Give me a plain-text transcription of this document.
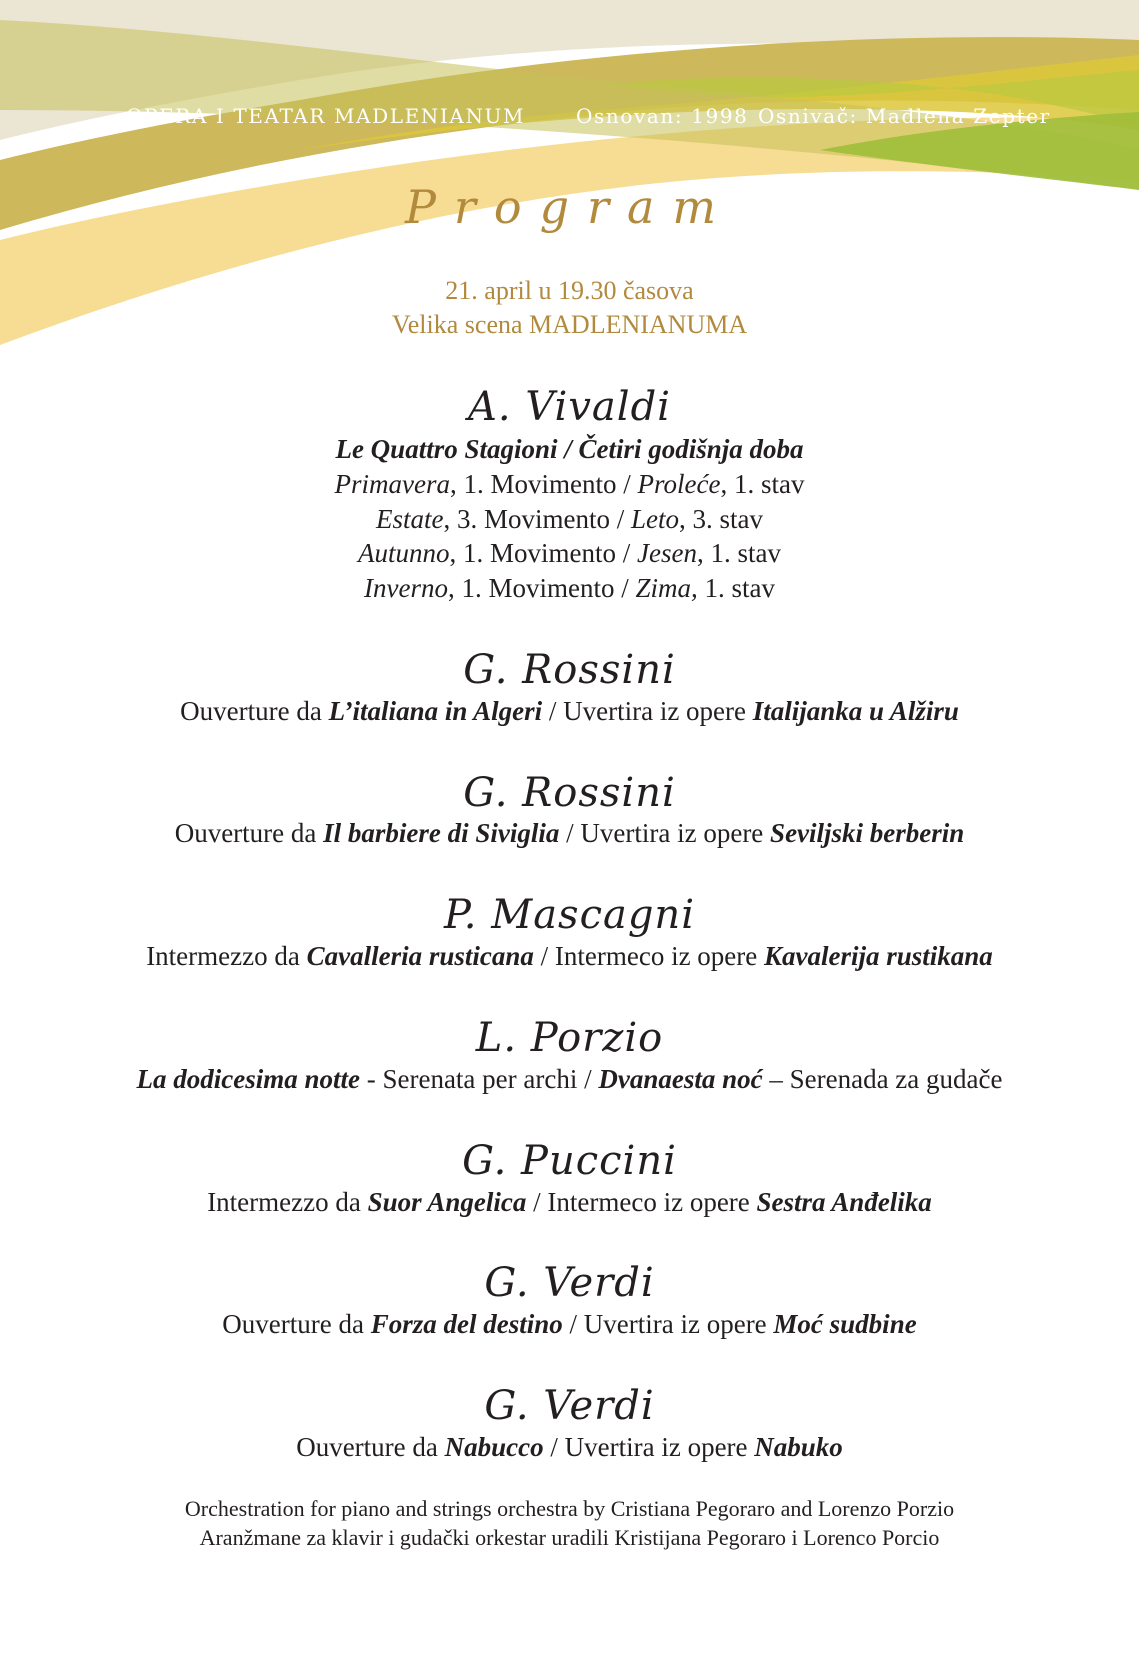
OPERA I TEATAR MADLENIANUM	Osnovan: 1998 Osnivač: Madlena Zepter
Program
21. april u 19.30 časova
Velika scena MADLENIANUMA
A. Vivaldi
Le Quattro Stagioni / Četiri godišnja doba
Primavera, 1. Movimento / Proleće, 1. stav
Estate, 3. Movimento / Leto, 3. stav
Autunno, 1. Movimento / Jesen, 1. stav
Inverno, 1. Movimento / Zima, 1. stav
G. Rossini
Ouverture da L’italiana in Algeri / Uvertira iz opere Italijanka u Alžiru
G. Rossini
Ouverture da Il barbiere di Siviglia / Uvertira iz opere Seviljski berberin
P. Mascagni
Intermezzo da Cavalleria rusticana / Intermeco iz opere Kavalerija rustikana
L. Porzio
La dodicesima notte - Serenata per archi / Dvanaesta noć – Serenada za gudače
G. Puccini
Intermezzo da Suor Angelica / Intermeco iz opere Sestra Anđelika
G. Verdi
Ouverture da Forza del destino / Uvertira iz opere Moć sudbine
G. Verdi
Ouverture da Nabucco / Uvertira iz opere Nabuko
Orchestration for piano and strings orchestra by Cristiana Pegoraro and Lorenzo Porzio
Aranžmane za klavir i gudački orkestar uradili Kristijana Pegoraro i Lorenco Porcio
